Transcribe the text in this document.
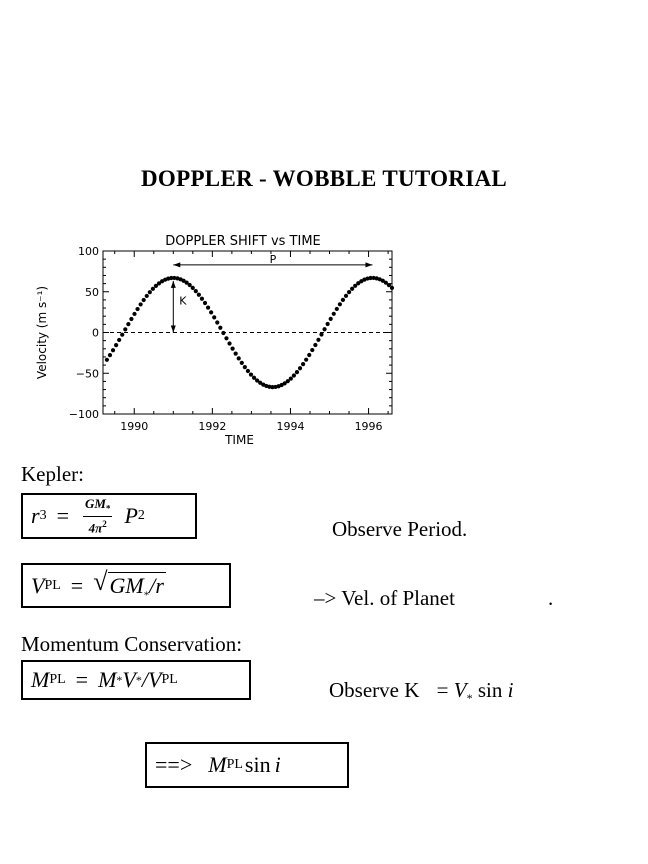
DOPPLER - WOBBLE TUTORIAL
DOPPLER SHIFT vs TIME
1990	1992	1994	1996
100
50
0
−50
−100
P
K
TIME
Velocity (m s⁻¹)
Kepler:
r $3 = \frac{GM_*}{4\pi^2}$ P 2
Observe Period.
V PL = √ $GM_*/r$	–> Vel. of Planet	.
Momentum Conservation:
M PL = M * V * /V PL	Observe $K = V_*$ sin i
==> M PL sin i
